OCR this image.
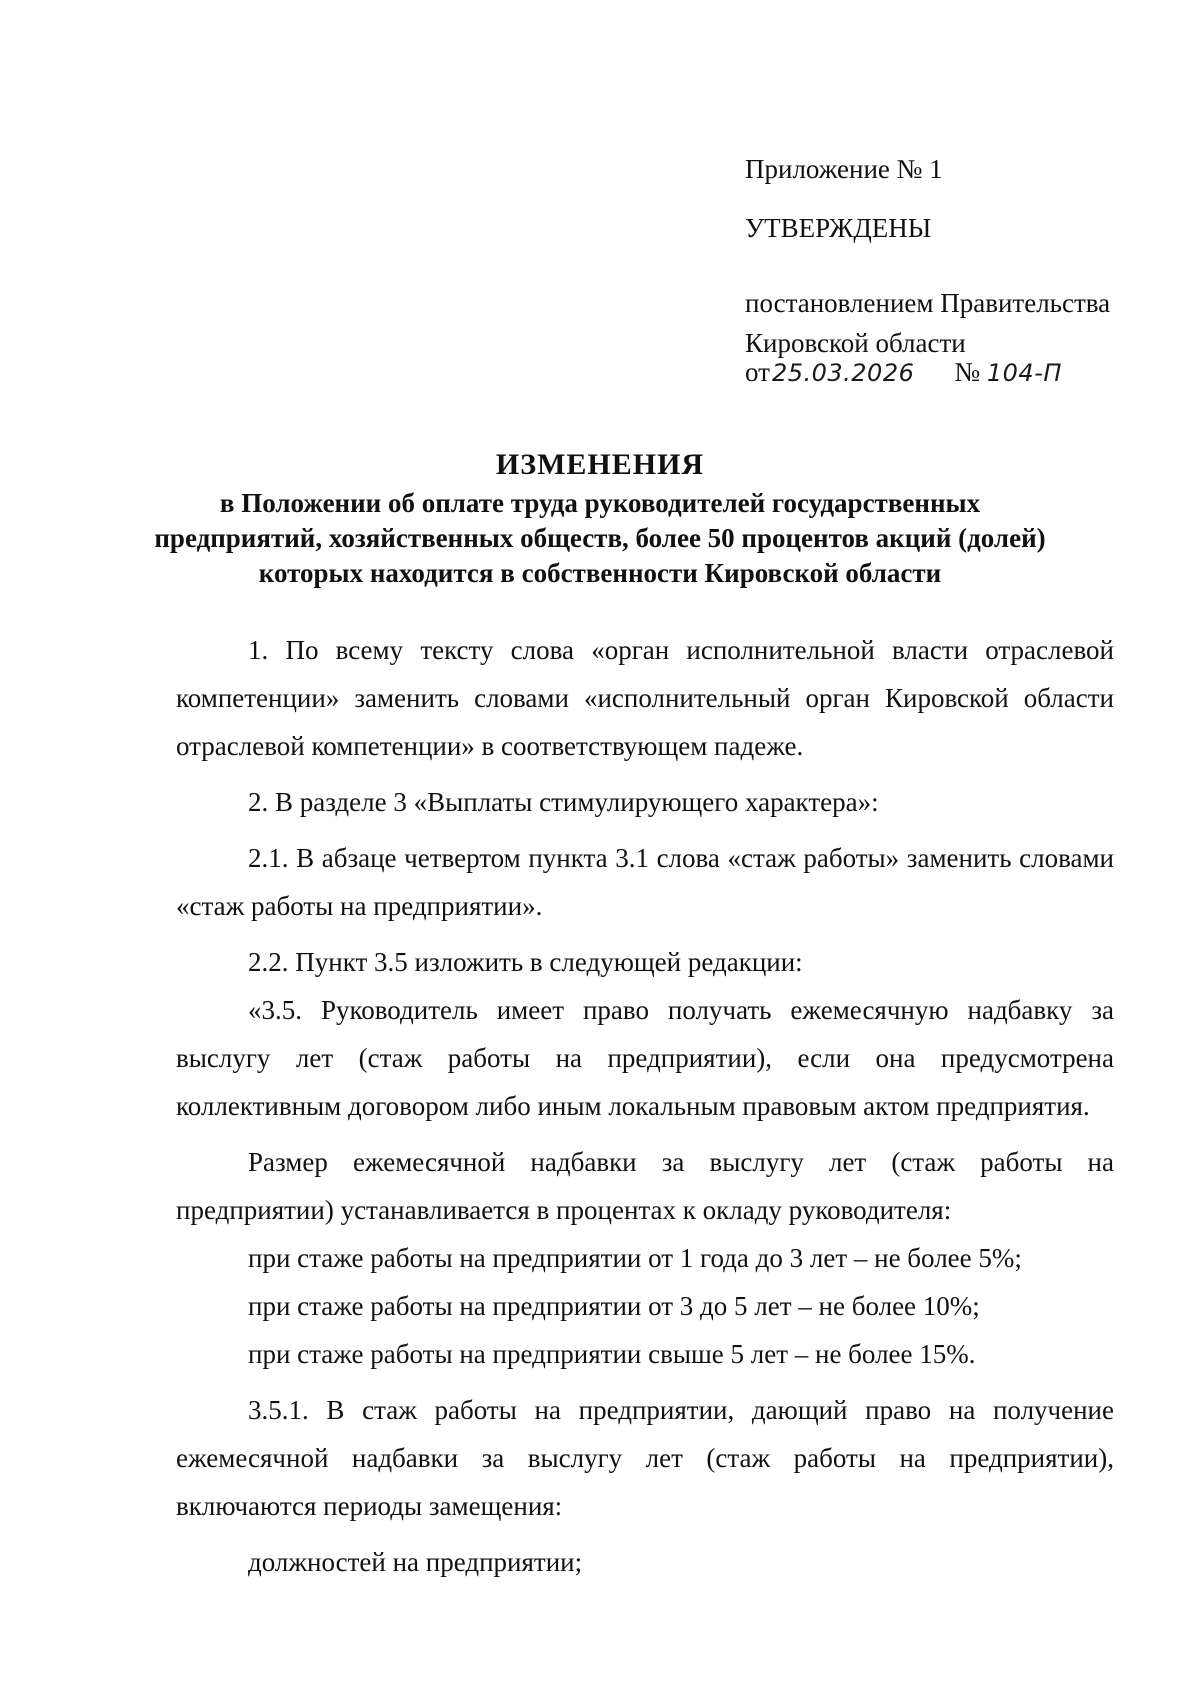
Приложение № 1
УТВЕРЖДЕНЫ
постановлением Правительства
Кировской области
от25.03.2026 № 104-П
ИЗМЕНЕНИЯ
в Положении об оплате труда руководителей государственных предприятий, хозяйственных обществ, более 50 процентов акций (долей) которых находится в собственности Кировской области

1. По всему тексту слова «орган исполнительной власти отраслевой компетенции» заменить словами «исполнительный орган Кировской области отраслевой компетенции» в соответствующем падеже.

2. В разделе 3 «Выплаты стимулирующего характера»:

2.1. В абзаце четвертом пункта 3.1 слова «стаж работы» заменить словами «стаж работы на предприятии».

2.2. Пункт 3.5 изложить в следующей редакции:

«3.5. Руководитель имеет право получать ежемесячную надбавку за выслугу лет (стаж работы на предприятии), если она предусмотрена коллективным договором либо иным локальным правовым актом предприятия.

Размер ежемесячной надбавки за выслугу лет (стаж работы на предприятии) устанавливается в процентах к окладу руководителя:

при стаже работы на предприятии от 1 года до 3 лет – не более 5%;

при стаже работы на предприятии от 3 до 5 лет – не более 10%;

при стаже работы на предприятии свыше 5 лет – не более 15%.

3.5.1. В стаж работы на предприятии, дающий право на получение ежемесячной надбавки за выслугу лет (стаж работы на предприятии), включаются периоды замещения:

должностей на предприятии;
